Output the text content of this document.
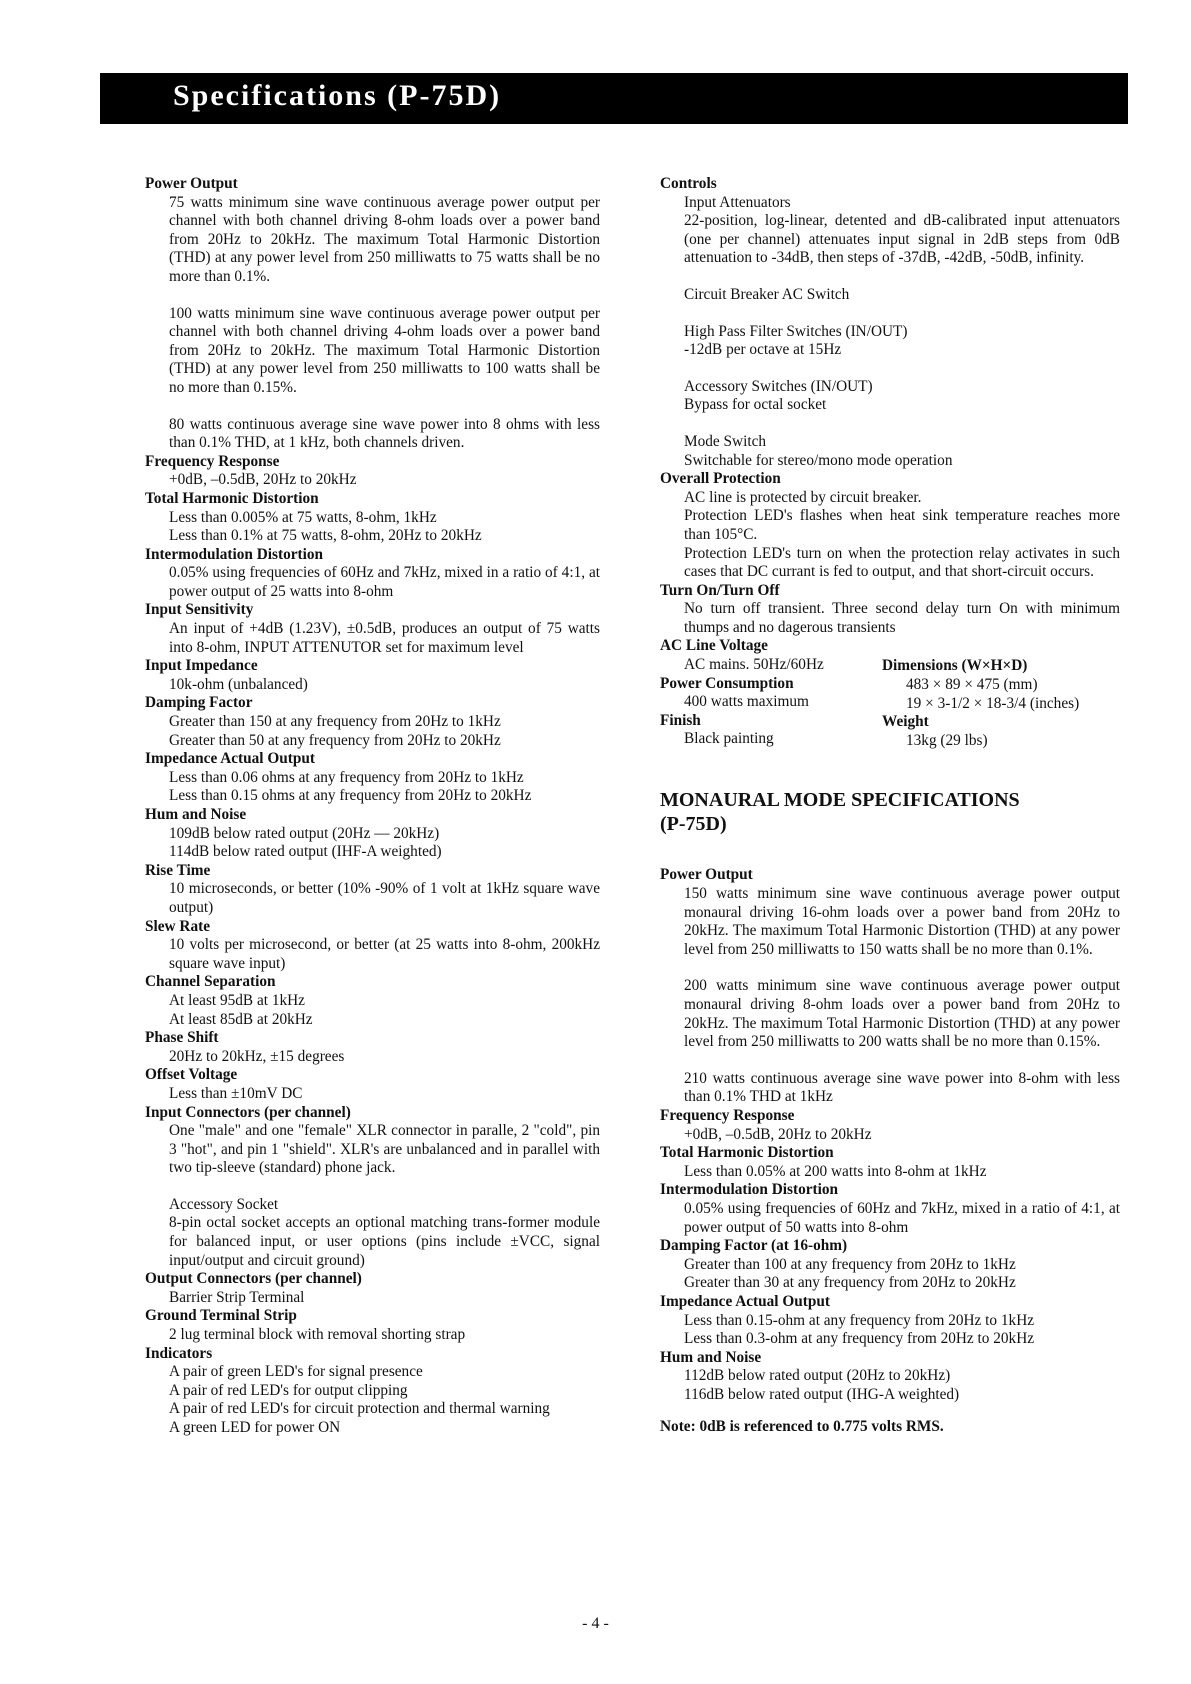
Specifications (P-75D)
Power Output
75 watts minimum sine wave continuous average power output per channel with both channel driving 8-ohm loads over a power band from 20Hz to 20kHz. The maximum Total Harmonic Distortion (THD) at any power level from 250 milliwatts to 75 watts shall be no more than 0.1%.
100 watts minimum sine wave continuous average power output per channel with both channel driving 4-ohm loads over a power band from 20Hz to 20kHz. The maximum Total Harmonic Distortion (THD) at any power level from 250 milliwatts to 100 watts shall be no more than 0.15%.
80 watts continuous average sine wave power into 8 ohms with less than 0.1% THD, at 1 kHz, both channels driven.
Frequency Response
+0dB, –0.5dB, 20Hz to 20kHz
Total Harmonic Distortion
Less than 0.005% at 75 watts, 8-ohm, 1kHz
Less than 0.1% at 75 watts, 8-ohm, 20Hz to 20kHz
Intermodulation Distortion
0.05% using frequencies of 60Hz and 7kHz, mixed in a ratio of 4:1, at power output of 25 watts into 8-ohm
Input Sensitivity
An input of +4dB (1.23V), ±0.5dB, produces an output of 75 watts into 8-ohm, INPUT ATTENUTOR set for maximum level
Input Impedance
10k-ohm (unbalanced)
Damping Factor
Greater than 150 at any frequency from 20Hz to 1kHz
Greater than 50 at any frequency from 20Hz to 20kHz
Impedance Actual Output
Less than 0.06 ohms at any frequency from 20Hz to 1kHz
Less than 0.15 ohms at any frequency from 20Hz to 20kHz
Hum and Noise
109dB below rated output (20Hz — 20kHz)
114dB below rated output (IHF-A weighted)
Rise Time
10 microseconds, or better (10% -90% of 1 volt at 1kHz square wave output)
Slew Rate
10 volts per microsecond, or better (at 25 watts into 8-ohm, 200kHz square wave input)
Channel Separation
At least 95dB at 1kHz
At least 85dB at 20kHz
Phase Shift
20Hz to 20kHz, ±15 degrees
Offset Voltage
Less than ±10mV DC
Input Connectors (per channel)
One "male" and one "female" XLR connector in paralle, 2 "cold", pin 3 "hot", and pin 1 "shield". XLR's are unbalanced and in parallel with two tip-sleeve (standard) phone jack.
Accessory Socket
8-pin octal socket accepts an optional matching trans-former module for balanced input, or user options (pins include ±VCC, signal input/output and circuit ground)
Output Connectors (per channel)
Barrier Strip Terminal
Ground Terminal Strip
2 lug terminal block with removal shorting strap
Indicators
A pair of green LED's for signal presence
A pair of red LED's for output clipping
A pair of red LED's for circuit protection and thermal warning
A green LED for power ON
Controls
Input Attenuators
22-position, log-linear, detented and dB-calibrated input attenuators (one per channel) attenuates input signal in 2dB steps from 0dB attenuation to -34dB, then steps of -37dB, -42dB, -50dB, infinity.
Circuit Breaker AC Switch
High Pass Filter Switches (IN/OUT)
-12dB per octave at 15Hz
Accessory Switches (IN/OUT)
Bypass for octal socket
Mode Switch
Switchable for stereo/mono mode operation
Overall Protection
AC line is protected by circuit breaker.
Protection LED's flashes when heat sink temperature reaches more than 105°C.
Protection LED's turn on when the protection relay activates in such cases that DC currant is fed to output, and that short-circuit occurs.
Turn On/Turn Off
No turn off transient. Three second delay turn On with minimum thumps and no dagerous transients
AC Line Voltage
AC mains. 50Hz/60Hz
Power Consumption
400 watts maximum
Finish
Black painting
Dimensions (W×H×D)
483 × 89 × 475 (mm)
19 × 3-1/2 × 18-3/4 (inches)
Weight
13kg (29 lbs)
MONAURAL MODE SPECIFICATIONS
(P-75D)
Power Output
150 watts minimum sine wave continuous average power output monaural driving 16-ohm loads over a power band from 20Hz to 20kHz. The maximum Total Harmonic Distortion (THD) at any power level from 250 milliwatts to 150 watts shall be no more than 0.1%.
200 watts minimum sine wave continuous average power output monaural driving 8-ohm loads over a power band from 20Hz to 20kHz. The maximum Total Harmonic Distortion (THD) at any power level from 250 milliwatts to 200 watts shall be no more than 0.15%.
210 watts continuous average sine wave power into 8-ohm with less than 0.1% THD at 1kHz
Frequency Response
+0dB, –0.5dB, 20Hz to 20kHz
Total Harmonic Distortion
Less than 0.05% at 200 watts into 8-ohm at 1kHz
Intermodulation Distortion
0.05% using frequencies of 60Hz and 7kHz, mixed in a ratio of 4:1, at power output of 50 watts into 8-ohm
Damping Factor (at 16-ohm)
Greater than 100 at any frequency from 20Hz to 1kHz
Greater than 30 at any frequency from 20Hz to 20kHz
Impedance Actual Output
Less than 0.15-ohm at any frequency from 20Hz to 1kHz
Less than 0.3-ohm at any frequency from 20Hz to 20kHz
Hum and Noise
112dB below rated output (20Hz to 20kHz)
116dB below rated output (IHG-A weighted)
Note: 0dB is referenced to 0.775 volts RMS.
- 4 -
